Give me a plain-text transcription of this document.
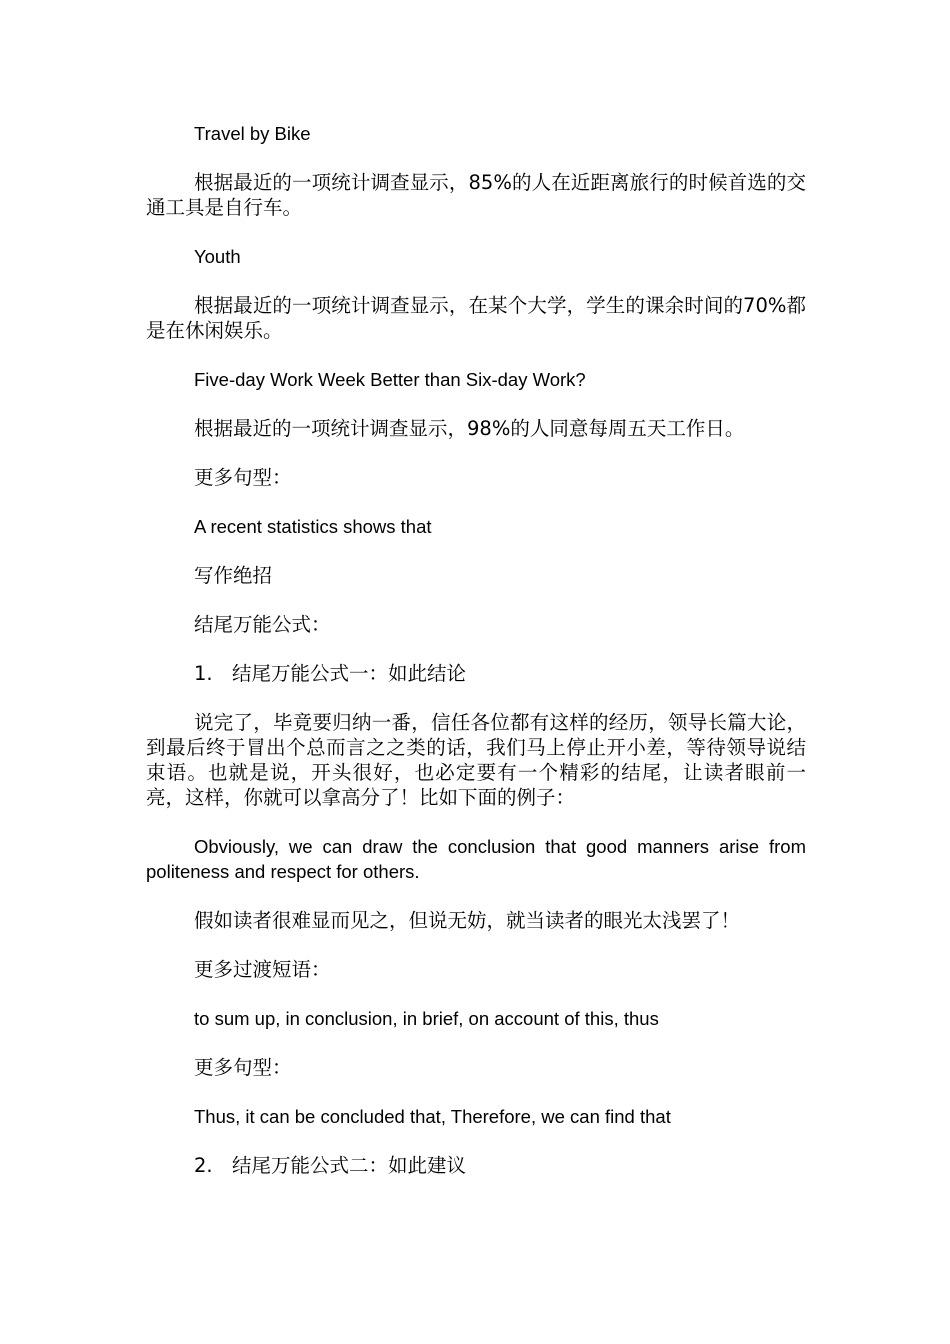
Travel by Bike

根据最近的一项统计调查显示，85%的人在近距离旅行的时候首选的交通工具是自行车。

Youth

根据最近的一项统计调查显示，在某个大学，学生的课余时间的70%都是在休闲娱乐。

Five-day Work Week Better than Six-day Work?

根据最近的一项统计调查显示，98%的人同意每周五天工作日。

更多句型：

A recent statistics shows that

写作绝招

结尾万能公式：

1. 结尾万能公式一：如此结论

说完了，毕竟要归纳一番，信任各位都有这样的经历，领导长篇大论，到最后终于冒出个总而言之之类的话，我们马上停止开小差，等待领导说结束语。也就是说，开头很好，也必定要有一个精彩的结尾，让读者眼前一亮，这样，你就可以拿高分了！比如下面的例子：

Obviously, we can draw the conclusion that good manners arise from politeness and respect for others.

假如读者很难显而见之，但说无妨，就当读者的眼光太浅罢了！

更多过渡短语：

to sum up, in conclusion, in brief, on account of this, thus

更多句型：

Thus, it can be concluded that, Therefore, we can find that

2. 结尾万能公式二：如此建议
